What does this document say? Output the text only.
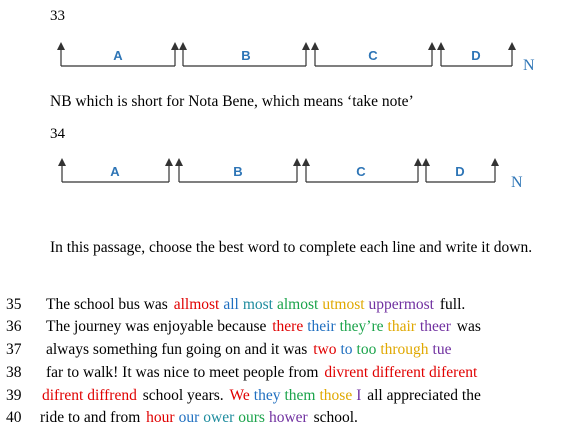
33
A	B	C	D
N
A	B	C	D
N
NB which is short for Nota Bene, which means ‘take note’
34
In this passage, choose the best word to complete each line and write it down.
35 The school bus was allmost all most almost utmost uppermost full.
36 The journey was enjoyable because there their they’re thair theer was
37 always something fun going on and it was two to too through tue
38 far to walk! It was nice to meet people from divrent different diferent
39 difrent diffrend school years. We they them those I all appreciated the
40 ride to and from hour our ower ours hower school.
